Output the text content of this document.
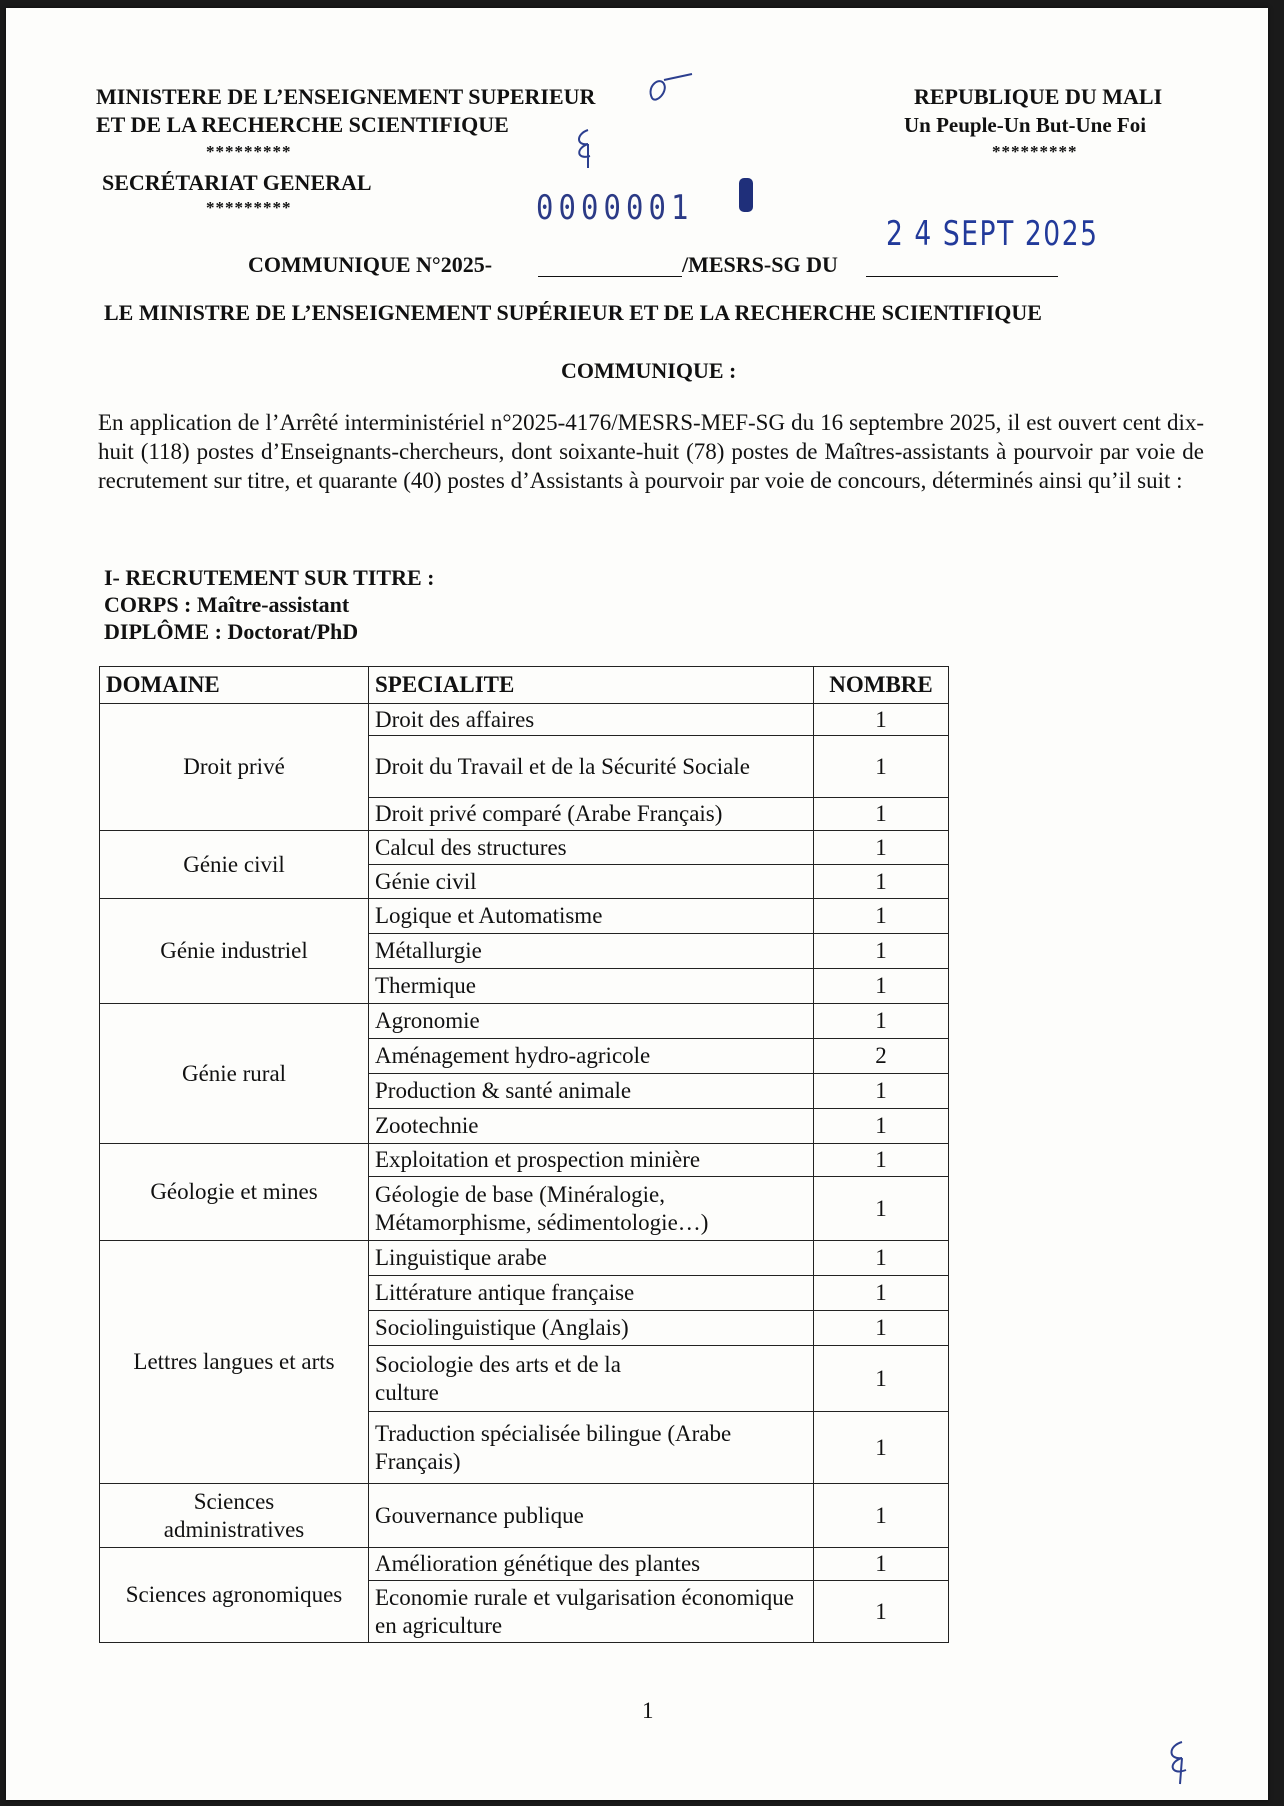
MINISTERE DE L’ENSEIGNEMENT SUPERIEUR
ET DE LA RECHERCHE SCIENTIFIQUE
*********
SECRÉTARIAT GENERAL
*********
REPUBLIQUE DU MALI
Un Peuple-Un But-Une Foi
*********
0000001
2 4 SEPT 2025
COMMUNIQUE N°2025-	/MESRS-SG DU
LE MINISTRE DE L’ENSEIGNEMENT SUPÉRIEUR ET DE LA RECHERCHE SCIENTIFIQUE
COMMUNIQUE :
En application de l’Arrêté interministériel n°2025-4176/MESRS-MEF-SG du 16 septembre 2025, il est ouvert cent dix-huit (118) postes d’Enseignants-chercheurs, dont soixante-huit (78) postes de Maîtres-assistants à pourvoir par voie de recrutement sur titre, et quarante (40) postes d’Assistants à pourvoir par voie de concours, déterminés ainsi qu’il suit :
I- RECRUTEMENT SUR TITRE :
CORPS : Maître-assistant
DIPLÔME : Doctorat/PhD
DOMAINE	SPECIALITE	NOMBRE
Droit privé	Droit des affaires	1
	Droit du Travail et de la Sécurité Sociale	1
	Droit privé comparé (Arabe Français)	1
Génie civil	Calcul des structures	1
	Génie civil	1
Génie industriel	Logique et Automatisme	1
	Métallurgie	1
	Thermique	1
Génie rural	Agronomie	1
	Aménagement hydro-agricole	2
	Production & santé animale	1
	Zootechnie	1
Géologie et mines	Exploitation et prospection minière	1
	Géologie de base (Minéralogie, Métamorphisme, sédimentologie…)	1
Lettres langues et arts	Linguistique arabe	1
	Littérature antique française	1
	Sociolinguistique (Anglais)	1
	Sociologie des arts et de la culture	1
	Traduction spécialisée bilingue (Arabe Français)	1
Sciences administratives	Gouvernance publique	1
Sciences agronomiques	Amélioration génétique des plantes	1
	Economie rurale et vulgarisation économique en agriculture	1
1
